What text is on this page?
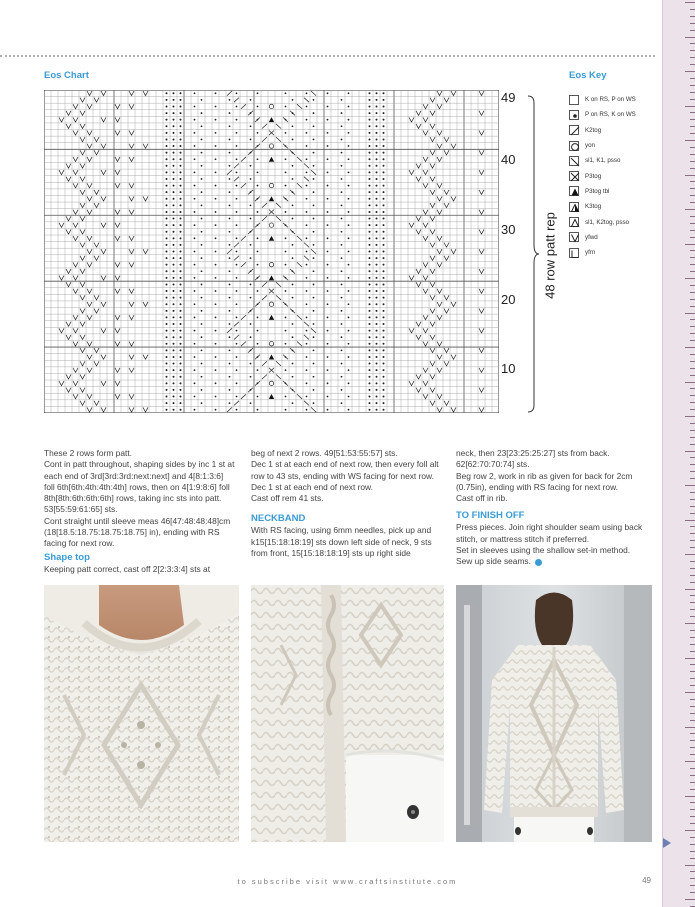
Eos Chart	Eos Key
49
40
30
20
10
48 row patt rep
K on RS, P on WS
P on RS, K on WS
K2tog
yon
sl1, K1, psso
P3tog
P3tog tbl
K3tog
sl1, K2tog, psso
yfwd
yfrn

These 2 rows form patt.

Cont in patt throughout, shaping sides by inc 1 st at each end of 3rd[3rd:3rd:next:next] and 4[8:1:3:6] foll 6th[6th:4th:4th:4th] rows, then on 4[1:9:8:6] foll 8th[8th:6th:6th:6th] rows, taking inc sts into patt. 53[55:59:61:65] sts.

Cont straight until sleeve meas 46[47:48:48:48]cm (18[18.5:18.75:18.75:18.75] in), ending with RS facing for next row.

Shape top

Keeping patt correct, cast off 2[2:3:3:4] sts at

beg of next 2 rows. 49[51:53:55:57] sts.

Dec 1 st at each end of next row, then every foll alt row to 43 sts, ending with WS facing for next row.

Dec 1 st at each end of next row.

Cast off rem 41 sts.

NECKBAND

With RS facing, using 6mm needles, pick up and k15[15:18:18:19] sts down left side of neck, 9 sts from front, 15[15:18:18:19] sts up right side

neck, then 23[23:25:25:27] sts from back. 62[62:70:70:74] sts.

Beg row 2, work in rib as given for back for 2cm (0.75in), ending with RS facing for next row.

Cast off in rib.

TO FINISH OFF

Press pieces. Join right shoulder seam using back stitch, or mattress stitch if preferred.

Set in sleeves using the shallow set-in method.

Sew up side seams.

to subscribe visit www.craftsinstitute.com	49
